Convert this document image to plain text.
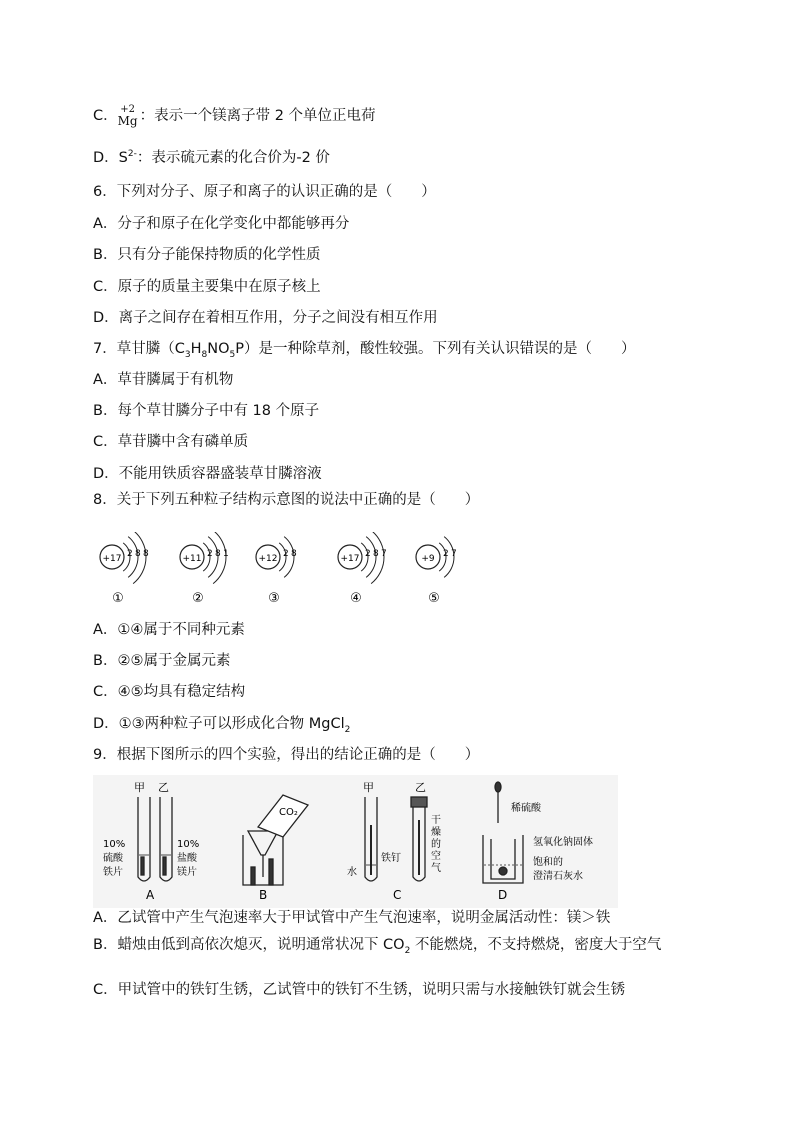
C． +2
Mg ：表示一个镁离子带 2 个单位正电荷
D．$S^{2-}$：表示硫元素的化合价为-2 价
6．下列对分子、原子和离子的认识正确的是（　　）
A．分子和原子在化学变化中都能够再分
B．只有分子能保持物质的化学性质
C．原子的质量主要集中在原子核上
D．离子之间存在着相互作用，分子之间没有相互作用
7．草甘膦$(C_3H_8NO_5P)$是一种除草剂，酸性较强。下列有关认识错误的是（　　）
A．草苷膦属于有机物
B．每个草甘膦分子中有 18 个原子
C．草苷膦中含有磷单质
D．不能用铁质容器盛装草甘膦溶液
8．关于下列五种粒子结构示意图的说法中正确的是（　　）
+17 2 8 8
①
+11 2 8 1
②
+12 2 8
③
+17 2 8 7
④
+9 2 7
⑤
A．①④属于不同种元素
B．②⑤属于金属元素
C．④⑤均具有稳定结构
D．①③两种粒子可以形成化合物 MgCl$_2$
9．根据下图所示的四个实验，得出的结论正确的是（　　）
甲 乙
10%
硫酸
铁片
10%
盐酸
镁片
A
CO₂
B
甲	乙
铁钉
水
干
燥
的
空
气
C
稀硫酸
氢氧化钠固体
饱和的
澄清石灰水
D
A．乙试管中产生气泡速率大于甲试管中产生气泡速率，说明金属活动性：镁＞铁
B．蜡烛由低到高依次熄灭，说明通常状况下 $CO_2$ 不能燃烧，不支持燃烧，密度大于空气
C．甲试管中的铁钉生锈，乙试管中的铁钉不生锈，说明只需与水接触铁钉就会生锈
